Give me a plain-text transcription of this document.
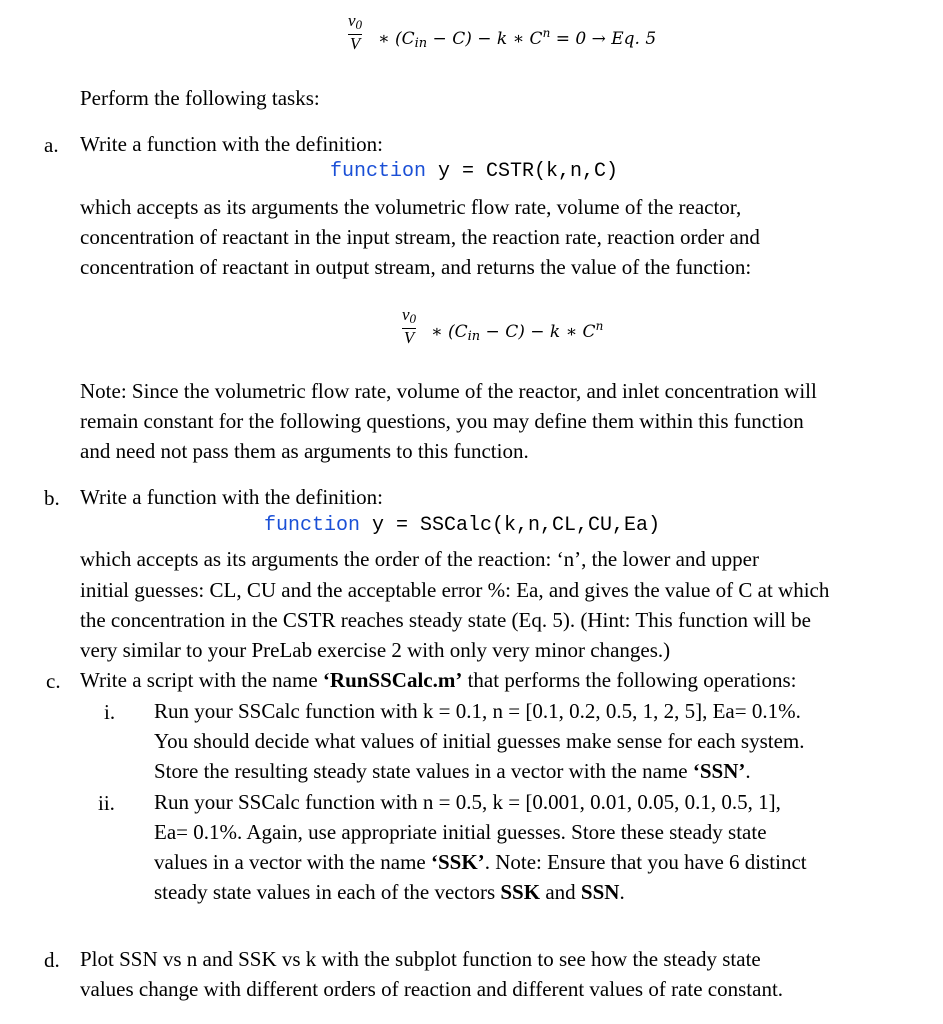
$\frac{v_0}{V}$ ∗ $(C_{in} - C) - k$ ∗ $C^n = 0 \to Eq$. 5
Perform the following tasks:
a. Write a function with the definition:
function y = CSTR(k,n,C)
which accepts as its arguments the volumetric flow rate, volume of the reactor,
concentration of reactant in the input stream, the reaction rate, reaction order and
concentration of reactant in output stream, and returns the value of the function:
$\frac{v_0}{V}$ ∗ $(C_{in} - C) - k$ ∗ $C^n$
Note: Since the volumetric flow rate, volume of the reactor, and inlet concentration will
remain constant for the following questions, you may define them within this function
and need not pass them as arguments to this function.
b. Write a function with the definition:
function y = SSCalc(k,n,CL,CU,Ea)
which accepts as its arguments the order of the reaction: ‘n’, the lower and upper
initial guesses: CL, CU and the acceptable error %: Ea, and gives the value of C at which
the concentration in the CSTR reaches steady state (Eq. 5). (Hint: This function will be
very similar to your PreLab exercise 2 with only very minor changes.)
c. Write a script with the name ‘RunSSCalc.m’ that performs the following operations:
i. Run your SSCalc function with k = 0.1, n = [0.1, 0.2, 0.5, 1, 2, 5], Ea= 0.1%.
You should decide what values of initial guesses make sense for each system.
Store the resulting steady state values in a vector with the name ‘SSN’.
ii. Run your SSCalc function with n = 0.5, k = [0.001, 0.01, 0.05, 0.1, 0.5, 1],
Ea= 0.1%. Again, use appropriate initial guesses. Store these steady state
values in a vector with the name ‘SSK’. Note: Ensure that you have 6 distinct
steady state values in each of the vectors SSK and SSN.
d. Plot SSN vs n and SSK vs k with the subplot function to see how the steady state
values change with different orders of reaction and different values of rate constant.
